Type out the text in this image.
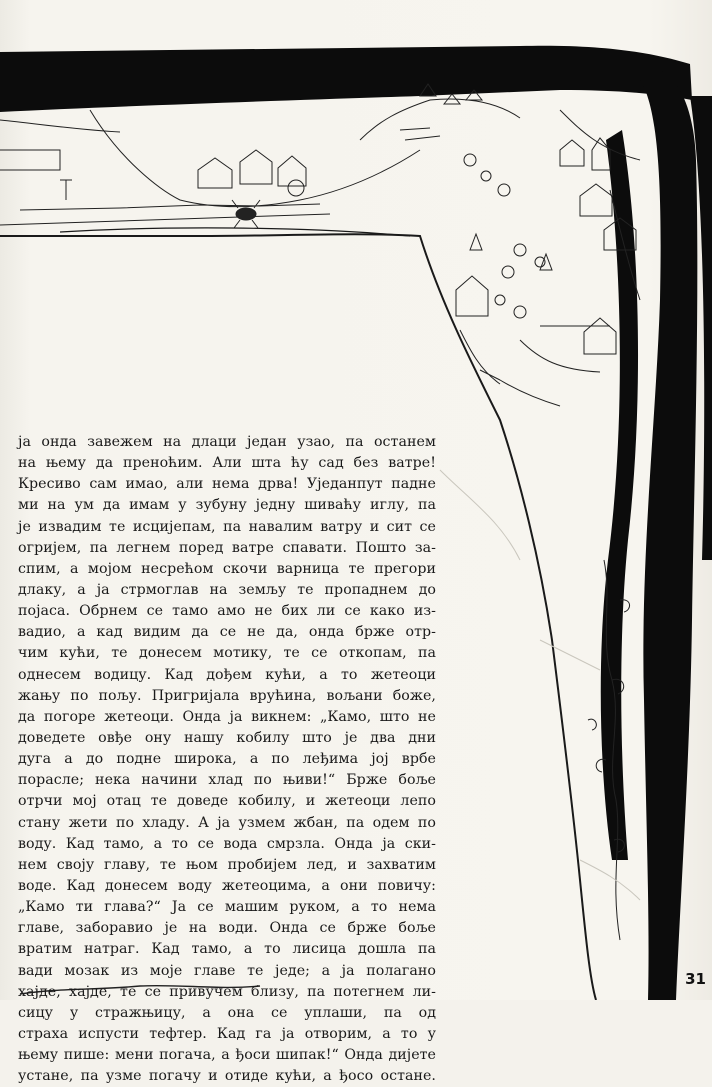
ја онда завежем на длаци један узао, па останем
на њему да преноћим. Али шта ћу сад без ватре!
Кресиво сам имао, али нема дрва! Уједанпут падне
ми на ум да имам у зубуну једну шиваћу иглу, па
је извадим те исцијепам, па навалим ватру и сит се
огријем, па легнем поред ватре спавати. Пошто за-
спим, а мојом несрећом скочи варница те прегори
длаку, а ја стрмоглав на земљу те пропаднем до
појаса. Обрнем се тамо амо не бих ли се како из-
вадио, а кад видим да се не да, онда брже отр-
чим кући, те донесем мотику, те се откопам, па
однесем водицу. Кад дођем кући, а то жетеоци
жању по пољу. Пригријала врућина, вољани боже,
да погоре жетеоци. Онда ја викнем: „Камо, што не
доведете овђе ону нашу кобилу што је два дни
дуга а до подне широка, а по леђима јој врбе
порасле; нека начини хлад по њиви!“ Брже боље
отрчи мој отац те доведе кобилу, и жетеоци лепо
стану жети по хладу. А ја узмем жбан, па одем по
воду. Кад тамо, а то се вода смрзла. Онда ја ски-
нем своју главу, те њом пробијем лед, и захватим
воде. Кад донесем воду жетеоцима, а они повичу:
„Камо ти глава?“ Ја се машим руком, а то нема
главе, заборавио је на води. Онда се брже боље
вратим натраг. Кад тамо, а то лисица дошла па
вади мозак из моје главе те једе; а ја полагано
хајде, хајде, те се привучем близу, па потегнем ли-
сицу у стражњицу, а она се уплаши, па од
страха испусти тефтер. Кад га ја отворим, а то у
њему пише: мени погача, а ђоси шипак!“ Онда дијете
устане, па узме погачу и отиде кући, а ђосо остане.
31
